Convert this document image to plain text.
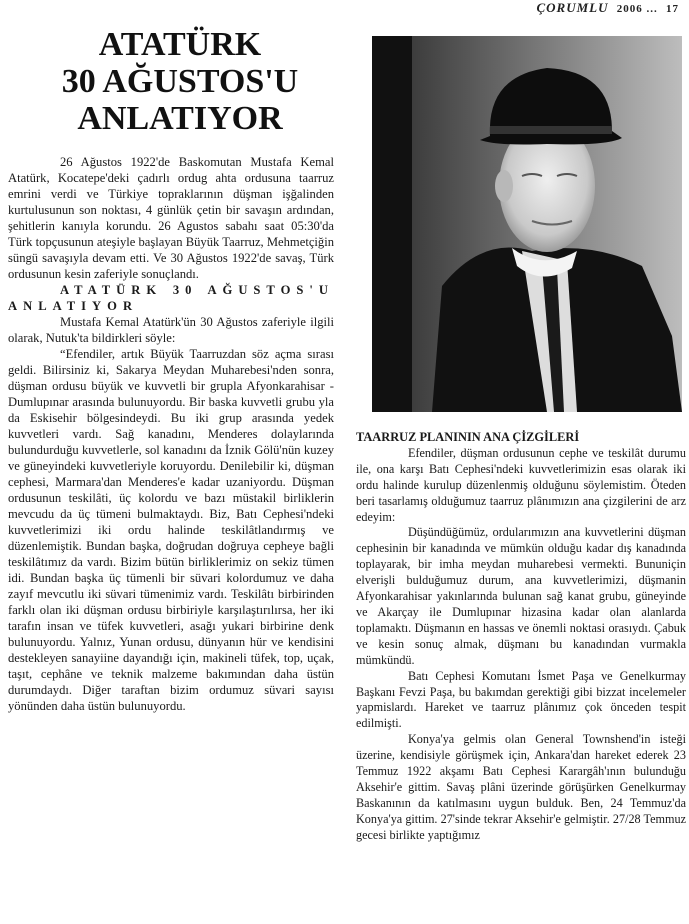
ÇORUMLU 2006 ... 17
ATATÜRK
30 AĞUSTOS'U
ANLATIYOR

26 Ağustos 1922'de Baskomutan Mustafa Kemal Atatürk, Kocatepe'deki çadırlı ordug ahta ordusuna taarruz emrini verdi ve Türkiye topraklarının düşman işğalinden kurtulusunun son noktası, 4 günlük çetin bir savaşın ardından, şehitlerin kanıyla korundu. 26 Agustos sabahı saat 05:30'da Türk topçusunun ateşiyle başlayan Büyük Taarruz, Mehmetçiğin süngü savaşıyla devam etti. Ve 30 Ağustos 1922'de savaş, Türk ordusunun kesin zaferiyle sonuçlandı.

ATATÜRK 30 AĞUSTOS'U ANLATIYOR

Mustafa Kemal Atatürk'ün 30 Ağustos zaferiyle ilgili olarak, Nutuk'ta bildirkleri söyle:

“Efendiler, artık Büyük Taarruzdan söz açma sırası geldi. Bilirsiniz ki, Sakarya Meydan Muharebesi'nden sonra, düşman ordusu büyük ve kuvvetli bir grupla Afyonkarahisar - Dumlupınar arasında bulunuyordu. Bir baska kuvvetli grubu yla da Eskisehir bölgesindeydi. Bu iki grup arasında yedek kuvvetleri vardı. Sağ kanadını, Menderes dolaylarında bulundurduğu kuvvetlerle, sol kanadını da İznik Gölü'nün kuzey ve güneyindeki kuvvetleriyle koruyordu. Denilebilir ki, düşman cephesi, Marmara'dan Menderes'e kadar uzaniyordu. Düşman ordusunun teskilâti, üç kolordu ve bazı müstakil birliklerin mevcudu da üç tümeni bulmaktaydı. Biz, Batı Cephesi'ndeki kuvvetlerimizi iki ordu halinde teskilâtlandırmış ve düzenlemiştik. Bundan başka, doğrudan doğruya cepheye bağli teskilâtımız da vardı. Bizim bütün birliklerimiz on sekiz tümen idi. Bundan başka üç tümenli bir süvari kolordumuz ve daha zayıf mevcutlu iki süvari tümenimiz vardı. Teskilâtı birbirinden farklı olan iki düşman ordusu birbiriyle karşılaştırılırsa, her iki tarafın insan ve tüfek kuvvetleri, asağı yukari birbirine denk bulunuyordu. Yalnız, Yunan ordusu, dünyanın hür ve kendisini destekleyen sanayiine dayandığı için, makineli tüfek, top, uçak, taşıt, cephâne ve teknik malzeme bakımından daha üstün durumdaydı. Diğer taraftan bizim ordumuz süvari sayısı yönünden daha üstün bulunuyordu.

TAARRUZ PLANININ ANA ÇİZGİLERİ

Efendiler, düşman ordusunun cephe ve teskilât durumu ile, ona karşı Batı Cephesi'ndeki kuvvetlerimizin esas olarak iki ordu halinde kurulup düzenlenmiş olduğunu söylemistim. Öteden beri tasarlamış olduğumuz taarruz plânımızın ana çizgilerini de arz edeyim:

Düşündüğümüz, ordularımızın ana kuvvetlerini düşman cephesinin bir kanadında ve mümkün olduğu kadar dış kanadında toplayarak, bir imha meydan muharebesi vermekti. Bununiçin elverişli bulduğumuz durum, ana kuvvetlerimizi, düşmanin Afyonkarahisar yakınlarında bulunan sağ kanat grubu, güneyinde ve Akarçay ile Dumlupınar hizasina kadar olan alanlarda toplamaktı. Düşmanın en hassas ve önemli noktasi orasıydı. Çabuk ve kesin sonuç almak, düşmanı bu kanadından vurmakla mümkündü.

Batı Cephesi Komutanı İsmet Paşa ve Genelkurmay Başkanı Fevzi Paşa, bu bakımdan gerektiği gibi bizzat incelemeler yapmislardı. Hareket ve taarruz plânımız çok önceden tespit edilmişti.

Konya'ya gelmis olan General Townshend'in isteği üzerine, kendisiyle görüşmek için, Ankara'dan hareket ederek 23 Temmuz 1922 akşamı Batı Cephesi Karargâh'ının bulunduğu Aksehir'e gittim. Savaş plâni üzerinde görüşürken Genelkurmay Baskanının da katılmasını uygun bulduk. Ben, 24 Temmuz'da Konya'ya gittim. 27'sinde tekrar Aksehir'e gelmiştir. 27/28 Temmuz gecesi birlikte yaptığımız
